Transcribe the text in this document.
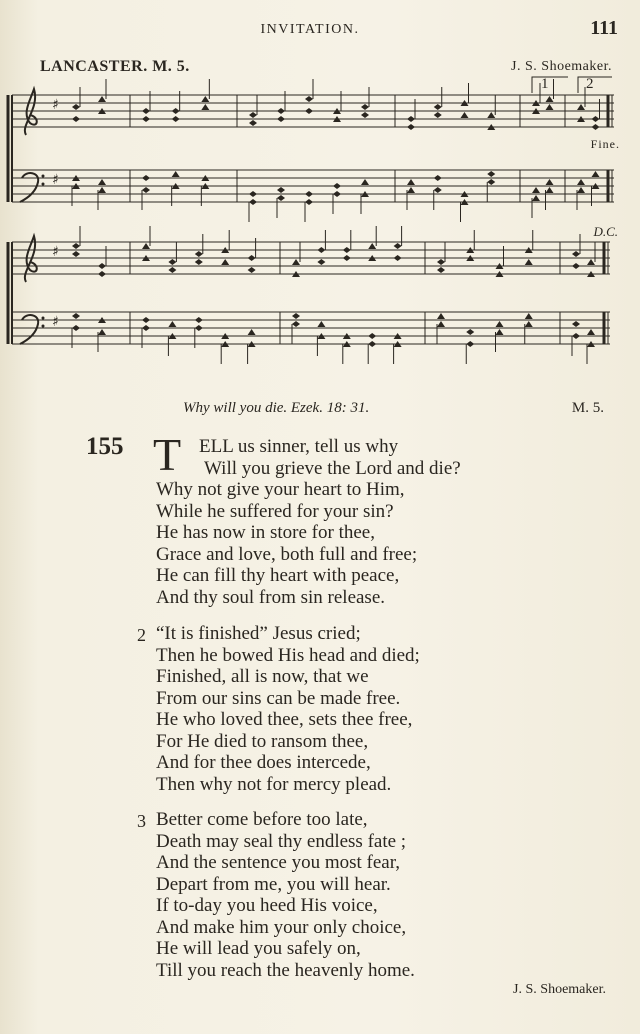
INVITATION.	111
LANCASTER. M. 5.	J. S. Shoemaker.
Fine.
D.C.
♯
♯
♯
♯
1	2
Why will you die. Ezek. 18: 31.	M. 5.
155 T ELL us sinner, tell us why
Will you grieve the Lord and die?
Why not give your heart to Him,
While he suffered for your sin?
He has now in store for thee,
Grace and love, both full and free;
He can fill thy heart with peace,
And thy soul from sin release.
2 “It is finished” Jesus cried;
Then he bowed His head and died;
Finished, all is now, that we
From our sins can be made free.
He who loved thee, sets thee free,
For He died to ransom thee,
And for thee does intercede,
Then why not for mercy plead.
3 Better come before too late,
Death may seal thy endless fate ;
And the sentence you most fear,
Depart from me, you will hear.
If to-day you heed His voice,
And make him your only choice,
He will lead you safely on,
Till you reach the heavenly home.
J. S. Shoemaker.
